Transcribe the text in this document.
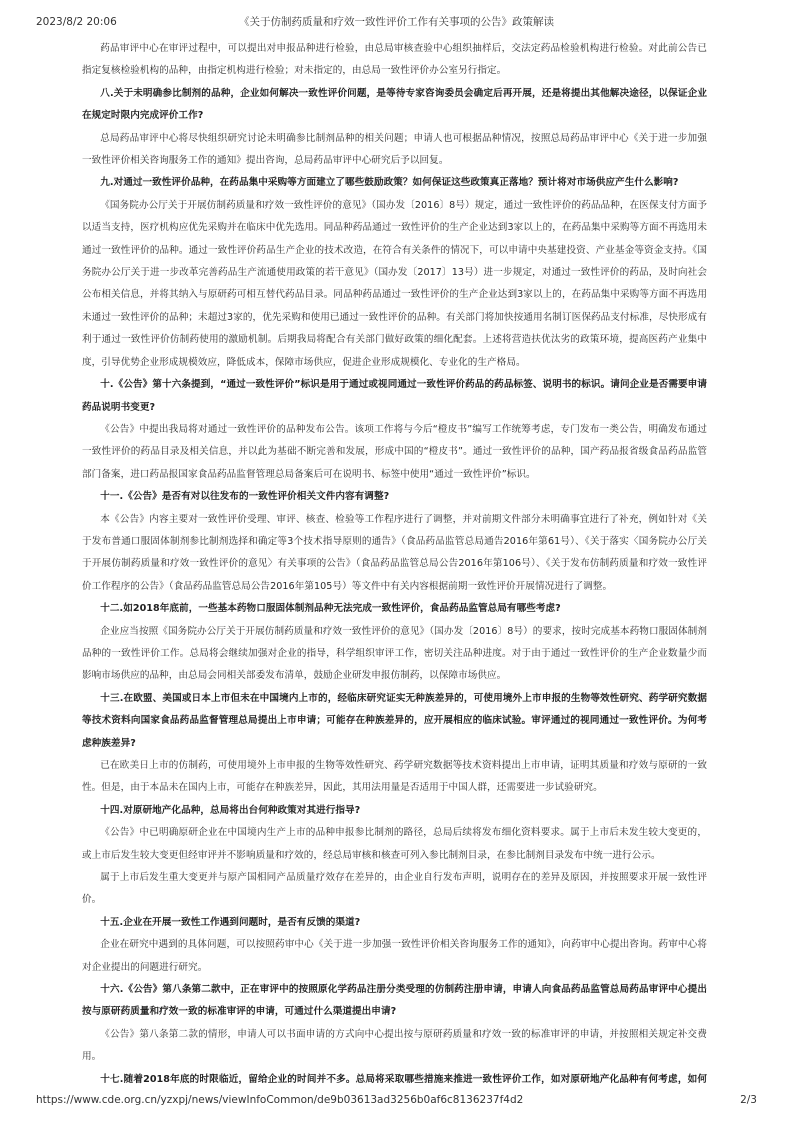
2023/8/2 20:06	《关于仿制药质量和疗效一致性评价工作有关事项的公告》政策解读

药品审评中心在审评过程中，可以提出对申报品种进行检验，由总局审核查验中心组织抽样后，交法定药品检验机构进行检验。对此前公告已指定复核检验机构的品种，由指定机构进行检验；对未指定的，由总局一致性评价办公室另行指定。

八.关于未明确参比制剂的品种，企业如何解决一致性评价问题，是等待专家咨询委员会确定后再开展，还是将提出其他解决途径，以保证企业在规定时限内完成评价工作?

总局药品审评中心将尽快组织研究讨论未明确参比制剂品种的相关问题；申请人也可根据品种情况，按照总局药品审评中心《关于进一步加强一致性评价相关咨询服务工作的通知》提出咨询，总局药品审评中心研究后予以回复。

九.对通过一致性评价品种，在药品集中采购等方面建立了哪些鼓励政策？如何保证这些政策真正落地？预计将对市场供应产生什么影响?

《国务院办公厅关于开展仿制药质量和疗效一致性评价的意见》（国办发〔2016〕8号）规定，通过一致性评价的药品品种，在医保支付方面予以适当支持，医疗机构应优先采购并在临床中优先选用。同品种药品通过一致性评价的生产企业达到3家以上的，在药品集中采购等方面不再选用未通过一致性评价的品种。通过一致性评价药品生产企业的技术改造，在符合有关条件的情况下，可以申请中央基建投资、产业基金等资金支持。《国务院办公厅关于进一步改革完善药品生产流通使用政策的若干意见》（国办发〔2017〕13号）进一步规定，对通过一致性评价的药品，及时向社会公布相关信息，并将其纳入与原研药可相互替代药品目录。同品种药品通过一致性评价的生产企业达到3家以上的，在药品集中采购等方面不再选用未通过一致性评价的品种；未超过3家的，优先采购和使用已通过一致性评价的品种。有关部门将加快按通用名制订医保药品支付标准，尽快形成有利于通过一致性评价仿制药使用的激励机制。后期我局将配合有关部门做好政策的细化配套。上述将营造扶优汰劣的政策环境，提高医药产业集中度，引导优势企业形成规模效应，降低成本，保障市场供应，促进企业形成规模化、专业化的生产格局。

十.《公告》第十六条提到，“通过一致性评价”标识是用于通过或视同通过一致性评价药品的药品标签、说明书的标识。请问企业是否需要申请药品说明书变更?

《公告》中提出我局将对通过一致性评价的品种发布公告。该项工作将与今后“橙皮书”编写工作统筹考虑，专门发布一类公告，明确发布通过一致性评价的药品目录及相关信息，并以此为基础不断完善和发展，形成中国的“橙皮书”。通过一致性评价的品种，国产药品报省级食品药品监管部门备案，进口药品报国家食品药品监督管理总局备案后可在说明书、标签中使用“通过一致性评价”标识。

十一.《公告》是否有对以往发布的一致性评价相关文件内容有调整?

本《公告》内容主要对一致性评价受理、审评、核查、检验等工作程序进行了调整，并对前期文件部分未明确事宜进行了补充，例如针对《关于发布普通口服固体制剂参比制剂选择和确定等3个技术指导原则的通告》（食品药品监管总局通告2016年第61号）、《关于落实〈国务院办公厅关于开展仿制药质量和疗效一致性评价的意见〉有关事项的公告》（食品药品监管总局公告2016年第106号）、《关于发布仿制药质量和疗效一致性评价工作程序的公告》（食品药品监管总局公告2016年第105号）等文件中有关内容根据前期一致性评价开展情况进行了调整。

十二.如2018年底前，一些基本药物口服固体制剂品种无法完成一致性评价，食品药品监管总局有哪些考虑?

企业应当按照《国务院办公厅关于开展仿制药质量和疗效一致性评价的意见》（国办发〔2016〕8号）的要求，按时完成基本药物口服固体制剂品种的一致性评价工作。总局将会继续加强对企业的指导，科学组织审评工作，密切关注品种进度。对于由于通过一致性评价的生产企业数量少而影响市场供应的品种，由总局会同相关部委发布清单，鼓励企业研发申报仿制药，以保障市场供应。

十三.在欧盟、美国或日本上市但未在中国境内上市的，经临床研究证实无种族差异的，可使用境外上市申报的生物等效性研究、药学研究数据等技术资料向国家食品药品监督管理总局提出上市申请；可能存在种族差异的，应开展相应的临床试验。审评通过的视同通过一致性评价。为何考虑种族差异?

已在欧美日上市的仿制药，可使用境外上市申报的生物等效性研究、药学研究数据等技术资料提出上市申请，证明其质量和疗效与原研的一致性。但是，由于本品未在国内上市，可能存在种族差异，因此，其用法用量是否适用于中国人群，还需要进一步试验研究。

十四.对原研地产化品种，总局将出台何种政策对其进行指导?

《公告》中已明确原研企业在中国境内生产上市的品种申报参比制剂的路径，总局后续将发布细化资料要求。属于上市后未发生较大变更的，或上市后发生较大变更但经审评并不影响质量和疗效的，经总局审核和核查可列入参比制剂目录，在参比制剂目录发布中统一进行公示。

属于上市后发生重大变更并与原产国相同产品质量疗效存在差异的，由企业自行发布声明，说明存在的差异及原因，并按照要求开展一致性评价。

十五.企业在开展一致性工作遇到问题时，是否有反馈的渠道?

企业在研究中遇到的具体问题，可以按照药审中心《关于进一步加强一致性评价相关咨询服务工作的通知》，向药审中心提出咨询。药审中心将对企业提出的问题进行研究。

十六.《公告》第八条第二款中，正在审评中的按照原化学药品注册分类受理的仿制药注册申请，申请人向食品药品监管总局药品审评中心提出按与原研药质量和疗效一致的标准审评的申请，可通过什么渠道提出申请?

《公告》第八条第二款的情形，申请人可以书面申请的方式向中心提出按与原研药质量和疗效一致的标准审评的申请，并按照相关规定补交费用。

十七.随着2018年底的时限临近，留给企业的时间并不多。总局将采取哪些措施来推进一致性评价工作，如对原研地产化品种有何考虑，如何

https://www.cde.org.cn/yzxpj/news/viewInfoCommon/de9b03613ad3256b0af6c8136237f4d2	2/3
